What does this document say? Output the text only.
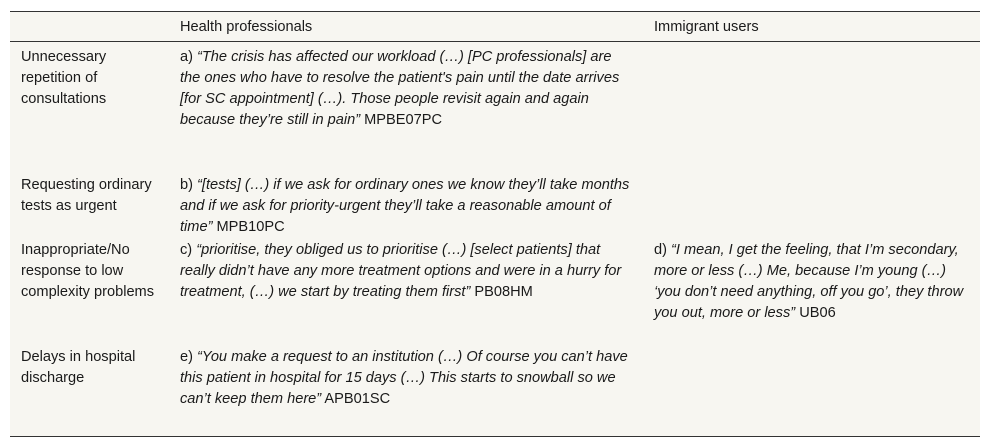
Health professionals	Immigrant users
Unnecessary repetition of consultations
a) “The crisis has affected our workload (…) [PC professionals] are the ones who have to resolve the patient's pain until the date arrives [for SC appointment] (…). Those people revisit again and again because they’re still in pain” MPBE07PC
Requesting ordinary tests as urgent
b) “[tests] (…) if we ask for ordinary ones we know they’ll take months and if we ask for priority-urgent they’ll take a reasonable amount of time” MPB10PC
Inappropriate/No response to low complexity problems
c) “prioritise, they obliged us to prioritise (…) [select patients] that really didn’t have any more treatment options and were in a hurry for treatment, (…) we start by treating them first” PB08HM
d) “I mean, I get the feeling, that I’m secondary, more or less (…) Me, because I’m young (…) ‘you don’t need anything, off you go’, they throw you out, more or less” UB06
Delays in hospital discharge
e) “You make a request to an institution (…) Of course you can’t have this patient in hospital for 15 days (…) This starts to snowball so we can’t keep them here” APB01SC
